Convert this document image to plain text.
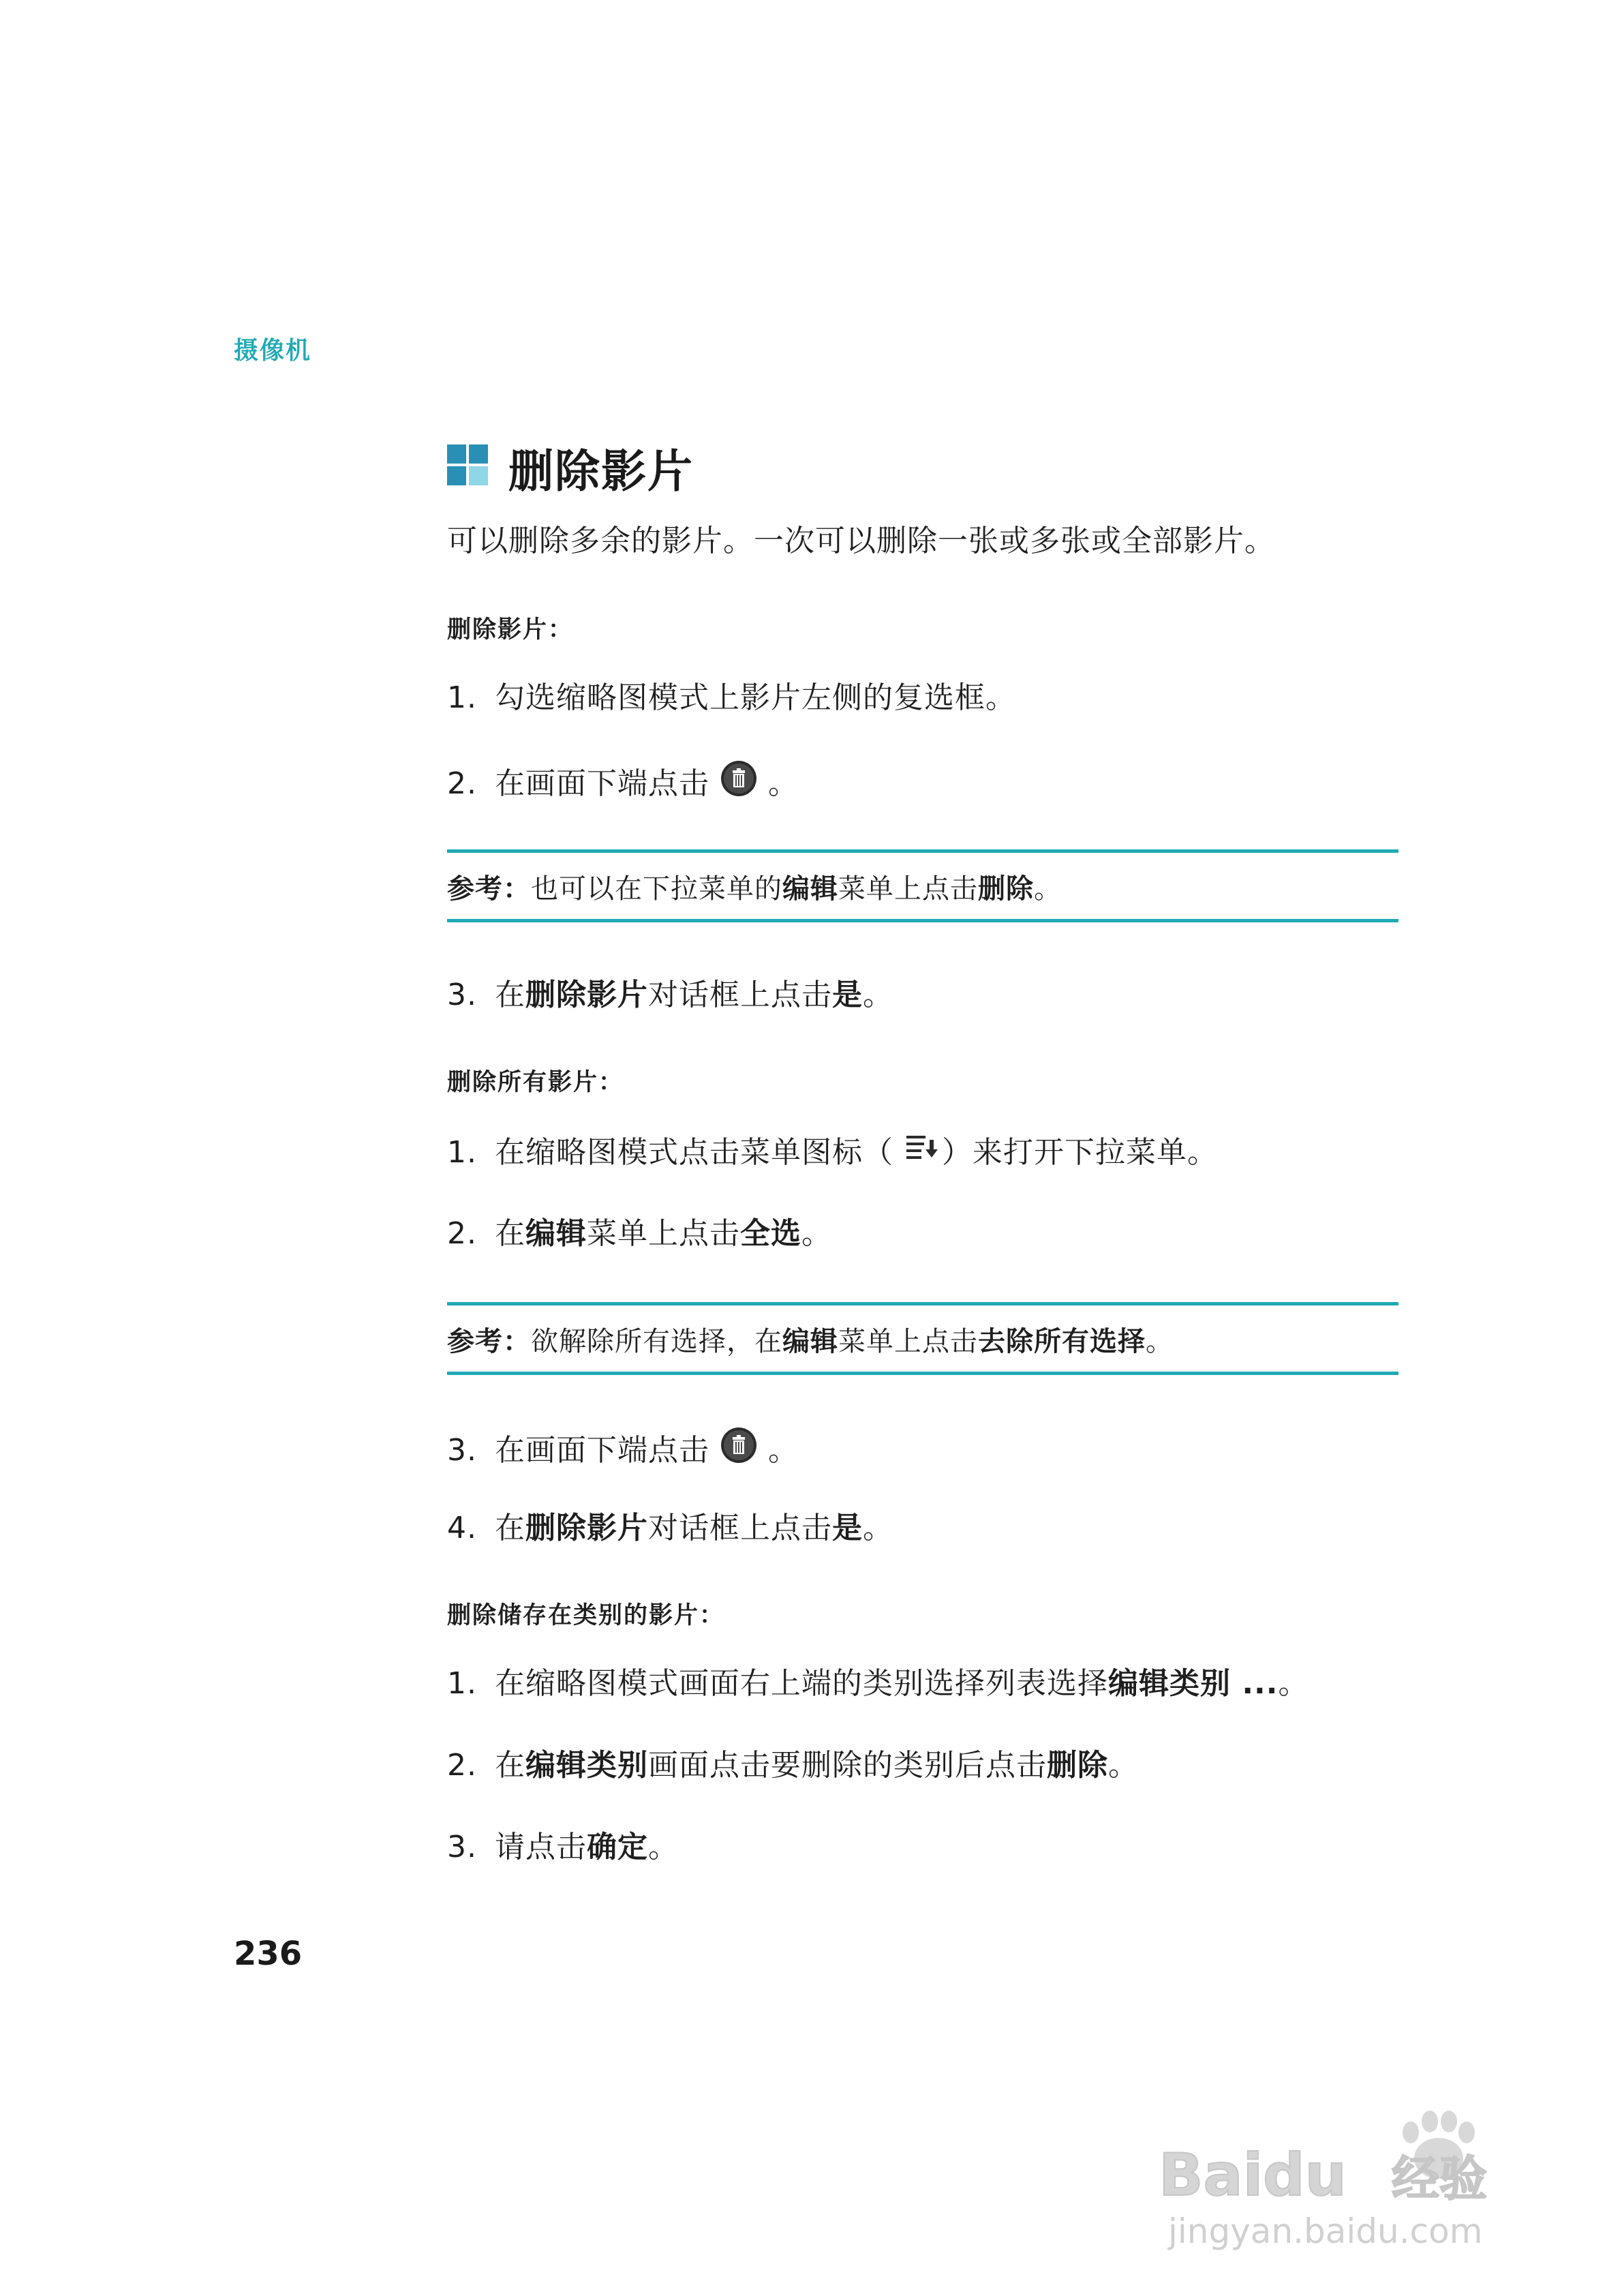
摄像机
删除影片
可以删除多余的影片。一次可以删除一张或多张或全部影片。
删除影片：
1. 勾选缩略图模式上影片左侧的复选框。
2. 在画面下端点击 。
参考：也可以在下拉菜单的编辑菜单上点击删除。
3. 在删除影片对话框上点击是。
删除所有影片：
1. 在缩略图模式点击菜单图标（ ）来打开下拉菜单。
2. 在编辑菜单上点击全选。
参考：欲解除所有选择，在编辑菜单上点击去除所有选择。
3. 在画面下端点击 。
4. 在删除影片对话框上点击是。
删除储存在类别的影片：
1. 在缩略图模式画面右上端的类别选择列表选择编辑类别 ...。
2. 在编辑类别画面点击要删除的类别后点击删除。
3. 请点击确定。
236
Baidu 经验
jingyan.baidu.com
